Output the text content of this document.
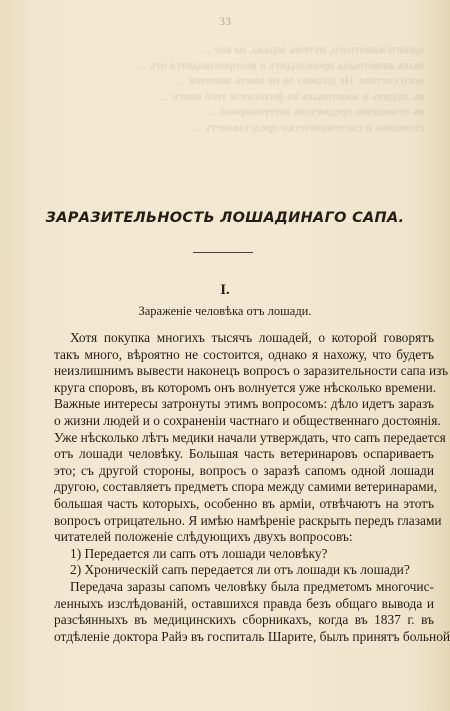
33
одногo животнаго, путемъ заразы, на вое ...
ныхъ животныхъ происходитъ и воспроизводится отъ ...
ного состава. Не должно ли не иметь значенія ...
въ людяхъ и животныхъ въ физіологія этой книги ...
въ отношеніи предметовъ ветеринарной ...
стоящихъ и систематически представляетъ ...
ЗАРАЗИТЕЛЬНОСТЬ ЛОШАДИНАГО САПА.
I.
Зараженіе человѣка отъ лошади.
Хотя покупка многихъ тысячъ лошадей, о которой говорятъ
такъ много, вѣроятно не состоится, однако я нахожу, что будетъ
нeизлишнимъ вывести наконецъ вопросъ о заразительности сапа изъ
круга споровъ, въ которомъ онъ волнуется уже нѣсколько времени.
Важные интересы затронуты этимъ вопросомъ: дѣло идетъ заразъ
о жизни людей и о сохраненіи частнаго и общественнаго достоянія.
Уже нѣсколько лѣтъ медики начали утверждать, что сапъ передается
отъ лошади человѣку. Большая часть ветеринаровъ оспариваетъ
это; съ другой стороны, вопросъ о заразѣ сапомъ одной лошади
другою, составляетъ предметъ спора между самими ветеринарами,
большая часть которыхъ, особенно въ арміи, отвѣчаютъ на этотъ
вопросъ отрицательно. Я имѣю намѣреніе раскрыть передъ глазами
читателей положеніе слѣдующихъ двухъ вопросовъ:
1) Передается ли сапъ отъ лошади человѣку?
2) Хроническій сапъ передается ли отъ лошади къ лошади?
Передача заразы сапомъ человѣку была предметомъ многочис-
ленныхъ изслѣдованій, оставшихся правда безъ общаго вывода и
разсѣянныхъ въ медицинскихъ сборникахъ, когда въ 1837 г. въ
отдѣленіе доктора Райэ въ госпиталь Шарите, былъ принятъ больной
